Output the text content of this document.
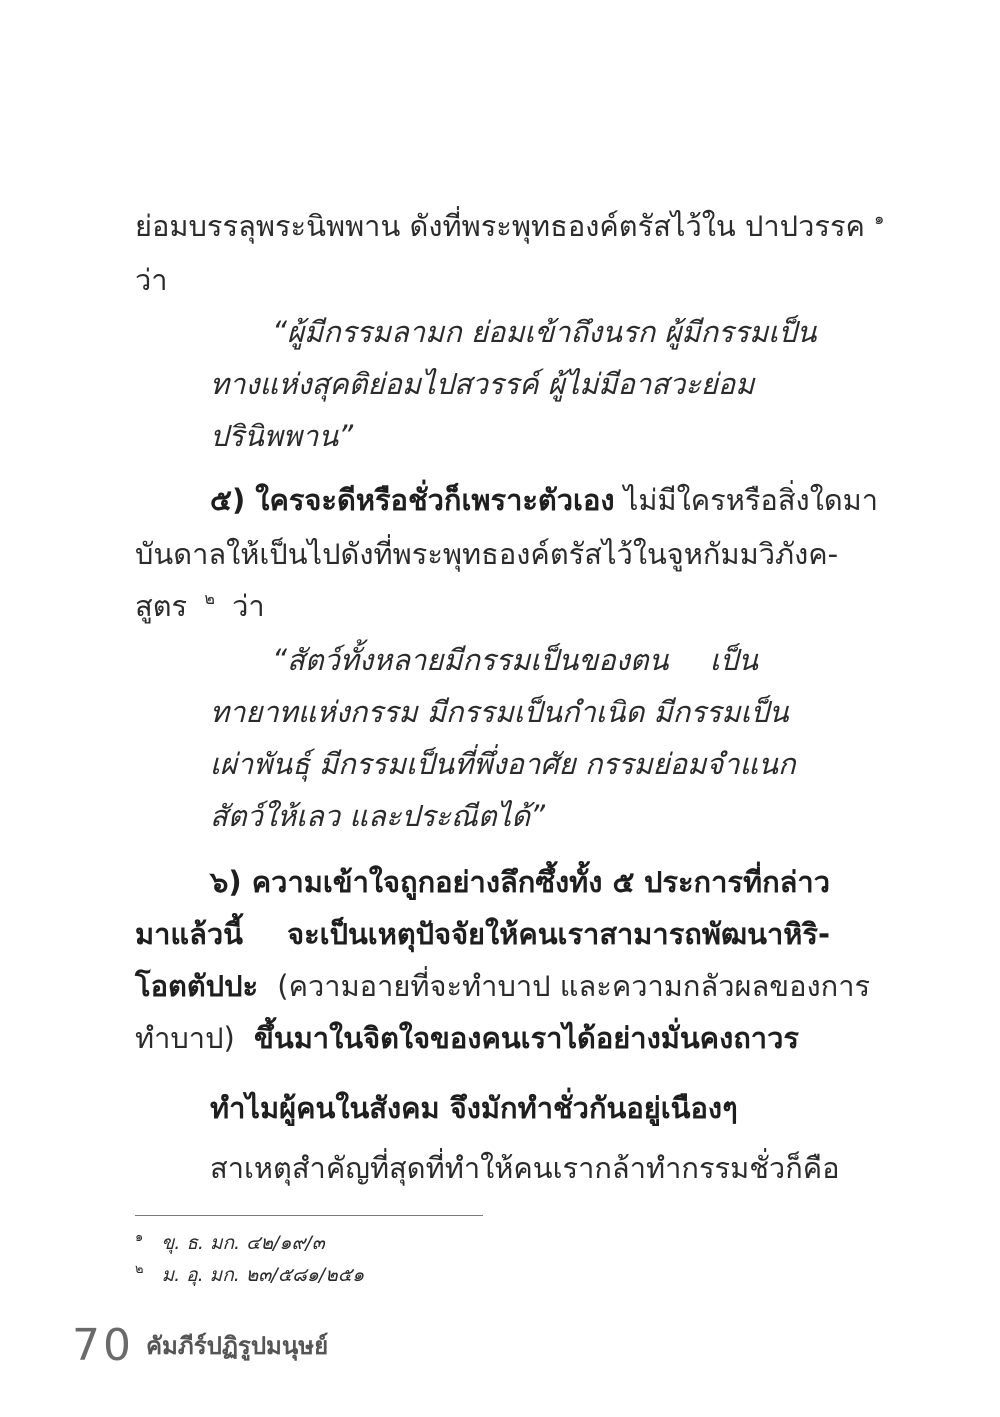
ย่อมบรรลุพระนิพพาน ดังที่พระพุทธองค์ตรัสไว้ใน ปาปวรรค $^๑$
ว่า
“ผู้มีกรรมลามก ย่อมเข้าถึงนรก ผู้มีกรรมเป็น
ทางแห่งสุคติย่อมไปสวรรค์ ผู้ไม่มีอาสวะย่อม
ปรินิพพาน”
๕) ใครจะดีหรือชั่วก็เพราะตัวเอง ไม่มีใครหรือสิ่งใดมา
บันดาลให้เป็นไป ดังที่พระพุทธองค์ตรัสไว้ใน จูหกัมมวิภังค-
สูตร $^๒$ ว่า
“สัตว์ทั้งหลายมีกรรมเป็นของตน เป็น
ทายาทแห่งกรรม มีกรรมเป็นกำเนิด มีกรรมเป็น
เผ่าพันธุ์ มีกรรมเป็นที่พึ่งอาศัย กรรมย่อมจำแนก
สัตว์ให้เลว และประณีตได้”
๖) ความเข้าใจถูกอย่างลึกซึ้งทั้ง ๕ ประการที่กล่าว
มาแล้วนี้ จะเป็นเหตุปัจจัยให้คนเราสามารถพัฒนาหิริ-
โอตตัปปะ (ความอายที่จะทำบาป และความกลัวผลของการ
ทำบาป) ขึ้นมาในจิตใจของคนเราได้อย่างมั่นคงถาวร
ทำไมผู้คนในสังคม จึงมักทำชั่วกันอยู่เนืองๆ
สาเหตุสำคัญที่สุดที่ทำให้คนเรากล้าทำกรรมชั่ว ก็คือ
$^๑$ ขุ. ธ. มก. ๔๒/๑๙/๓
$^๒$ ม. อุ. มก. ๒๓/๕๘๑/๒๕๑
70 คัมภีร์ปฏิรูปมนุษย์
